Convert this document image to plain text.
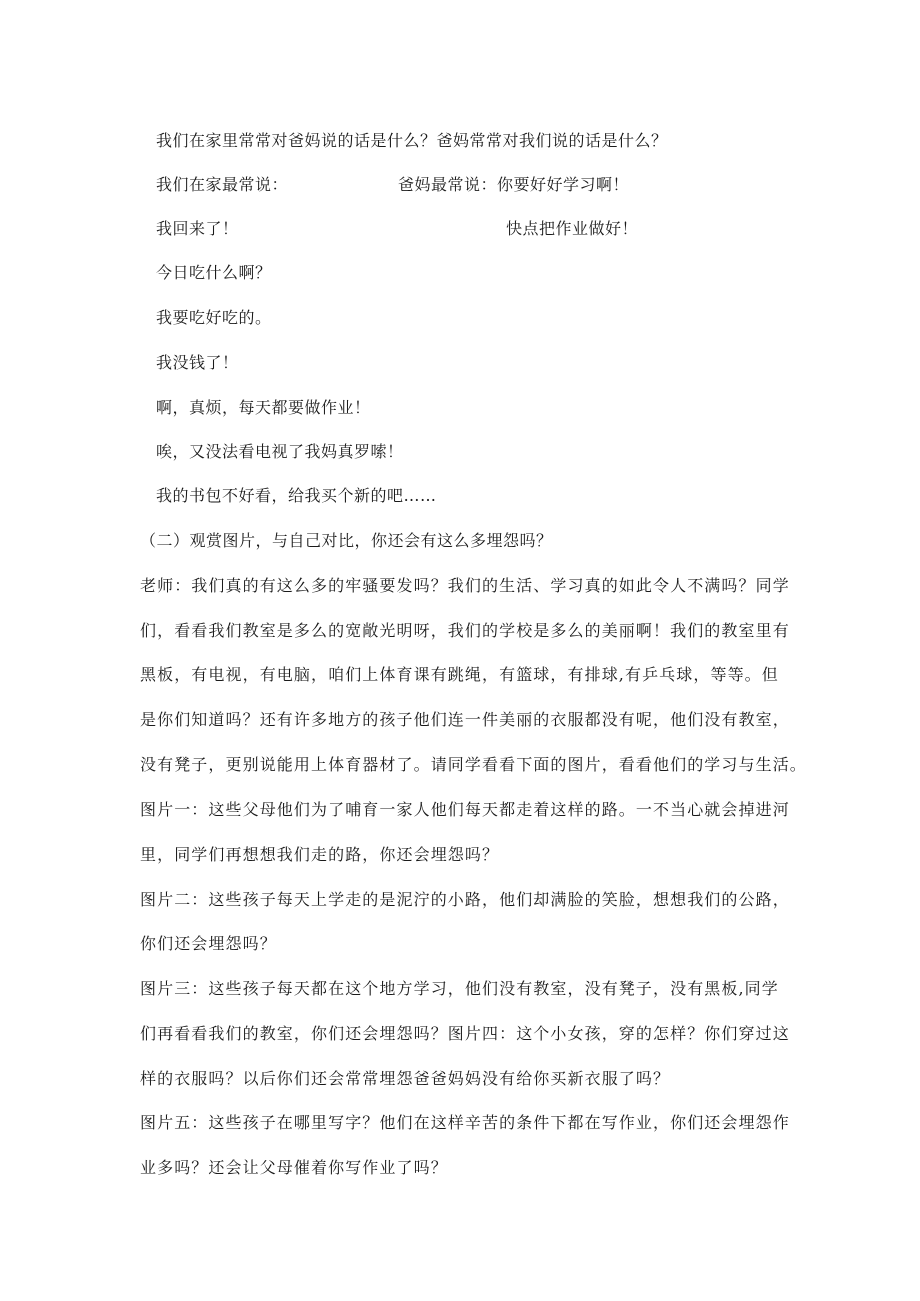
我们在家里常常对爸妈说的话是什么？爸妈常常对我们说的话是什么？
我们在家最常说：	爸妈最常说：你要好好学习啊！
我回来了！	快点把作业做好！
今日吃什么啊？
我要吃好吃的。
我没钱了！
啊，真烦，每天都要做作业！
唉，又没法看电视了我妈真罗嗦！
我的书包不好看，给我买个新的吧……
（二）观赏图片，与自己对比，你还会有这么多埋怨吗？
老师：我们真的有这么多的牢骚要发吗？我们的生活、学习真的如此令人不满吗？同学
们，看看我们教室是多么的宽敞光明呀，我们的学校是多么的美丽啊！我们的教室里有
黑板，有电视，有电脑，咱们上体育课有跳绳，有篮球，有排球,有乒乓球，等等。但
是你们知道吗？还有许多地方的孩子他们连一件美丽的衣服都没有呢，他们没有教室，
没有凳子，更别说能用上体育器材了。请同学看看下面的图片，看看他们的学习与生活。
图片一：这些父母他们为了哺育一家人他们每天都走着这样的路。一不当心就会掉进河
里，同学们再想想我们走的路，你还会埋怨吗？
图片二：这些孩子每天上学走的是泥泞的小路，他们却满脸的笑脸，想想我们的公路，
你们还会埋怨吗？
图片三：这些孩子每天都在这个地方学习，他们没有教室，没有凳子，没有黑板,同学
们再看看我们的教室，你们还会埋怨吗？图片四：这个小女孩，穿的怎样？你们穿过这
样的衣服吗？以后你们还会常常埋怨爸爸妈妈没有给你买新衣服了吗？
图片五：这些孩子在哪里写字？他们在这样辛苦的条件下都在写作业，你们还会埋怨作
业多吗？还会让父母催着你写作业了吗？
